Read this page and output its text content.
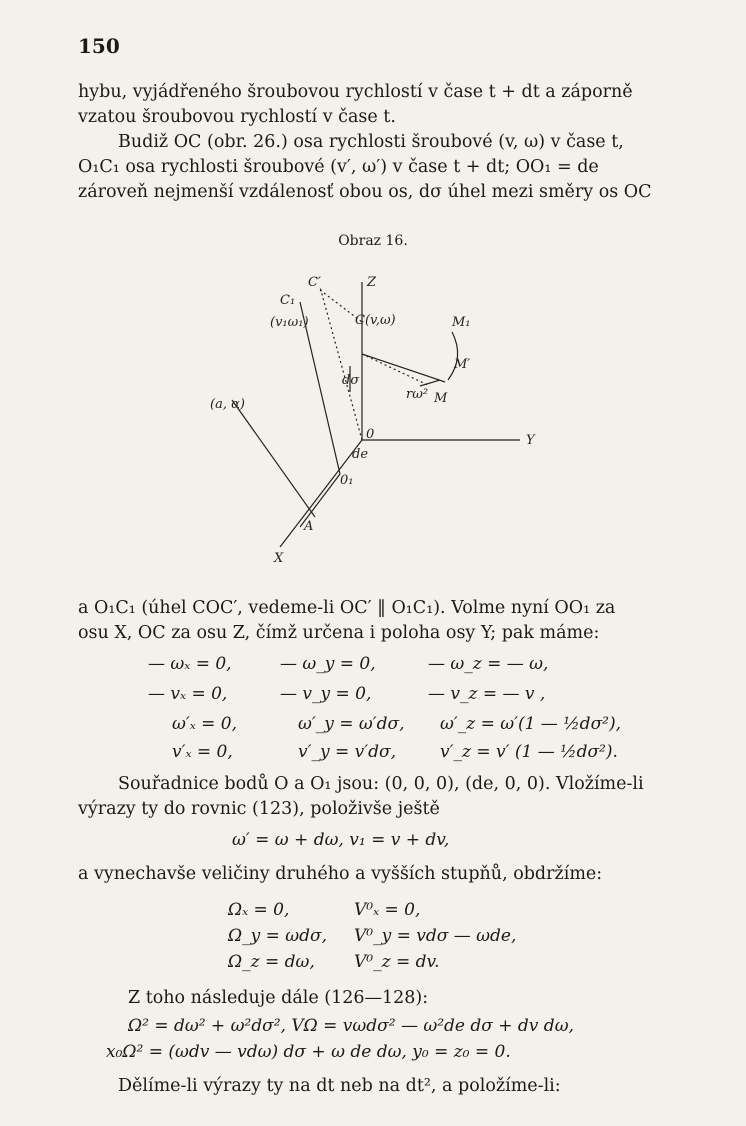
150
hybu, vyjádřeného šroubovou rychlostí v čase t + dt a záporně
vzatou šroubovou rychlostí v čase t.
Budiž OC (obr. 26.) osa rychlosti šroubové (v, ω) v čase t,
O₁C₁ osa rychlosti šroubové (v′, ω′) v čase t + dt; OO₁ = de
zároveň nejmenší vzdálenosť obou os, dσ úhel mezi směry os OC
Obraz 16.
C′	Z
C₁
(v₁ω₁)	C(v,ω)	M₁
M′
dσ
rω² M
(a, α)
0
de
Y
0₁
A
X
a O₁C₁ (úhel COC′, vedeme-li OC′ ‖ O₁C₁). Volme nyní OO₁ za
osu X, OC za osu Z, čímž určena i poloha osy Y; pak máme:
— ωₓ = 0,	— ω_y = 0,	— ω_z = — ω,
— vₓ = 0,	— v_y = 0,	— v_z = — v ,
ω′ₓ = 0,	ω′_y = ω′dσ, ω′_z = ω′(1 — ½dσ²),
v′ₓ = 0,	v′_y = v′dσ,	v′_z = v′ (1 — ½dσ²).
Souřadnice bodů O a O₁ jsou: (0, 0, 0), (de, 0, 0). Vložíme-li
výrazy ty do rovnic (123), položivše ještě
ω′ = ω + dω, v₁ = v + dv,
a vynechavše veličiny druhého a vyšších stupňů, obdržíme:
Ωₓ = 0,	V⁰ₓ = 0,
Ω_y = ωdσ, V⁰_y = vdσ — ωde,
Ω_z = dω, V⁰_z = dv.
Z toho následuje dále (126—128):
Ω² = dω² + ω²dσ², VΩ = vωdσ² — ω²de dσ + dv dω,
x₀Ω² = (ωdv — vdω) dσ + ω de dω, y₀ = z₀ = 0.
Dělíme-li výrazy ty na dt neb na dt², a položíme-li:
